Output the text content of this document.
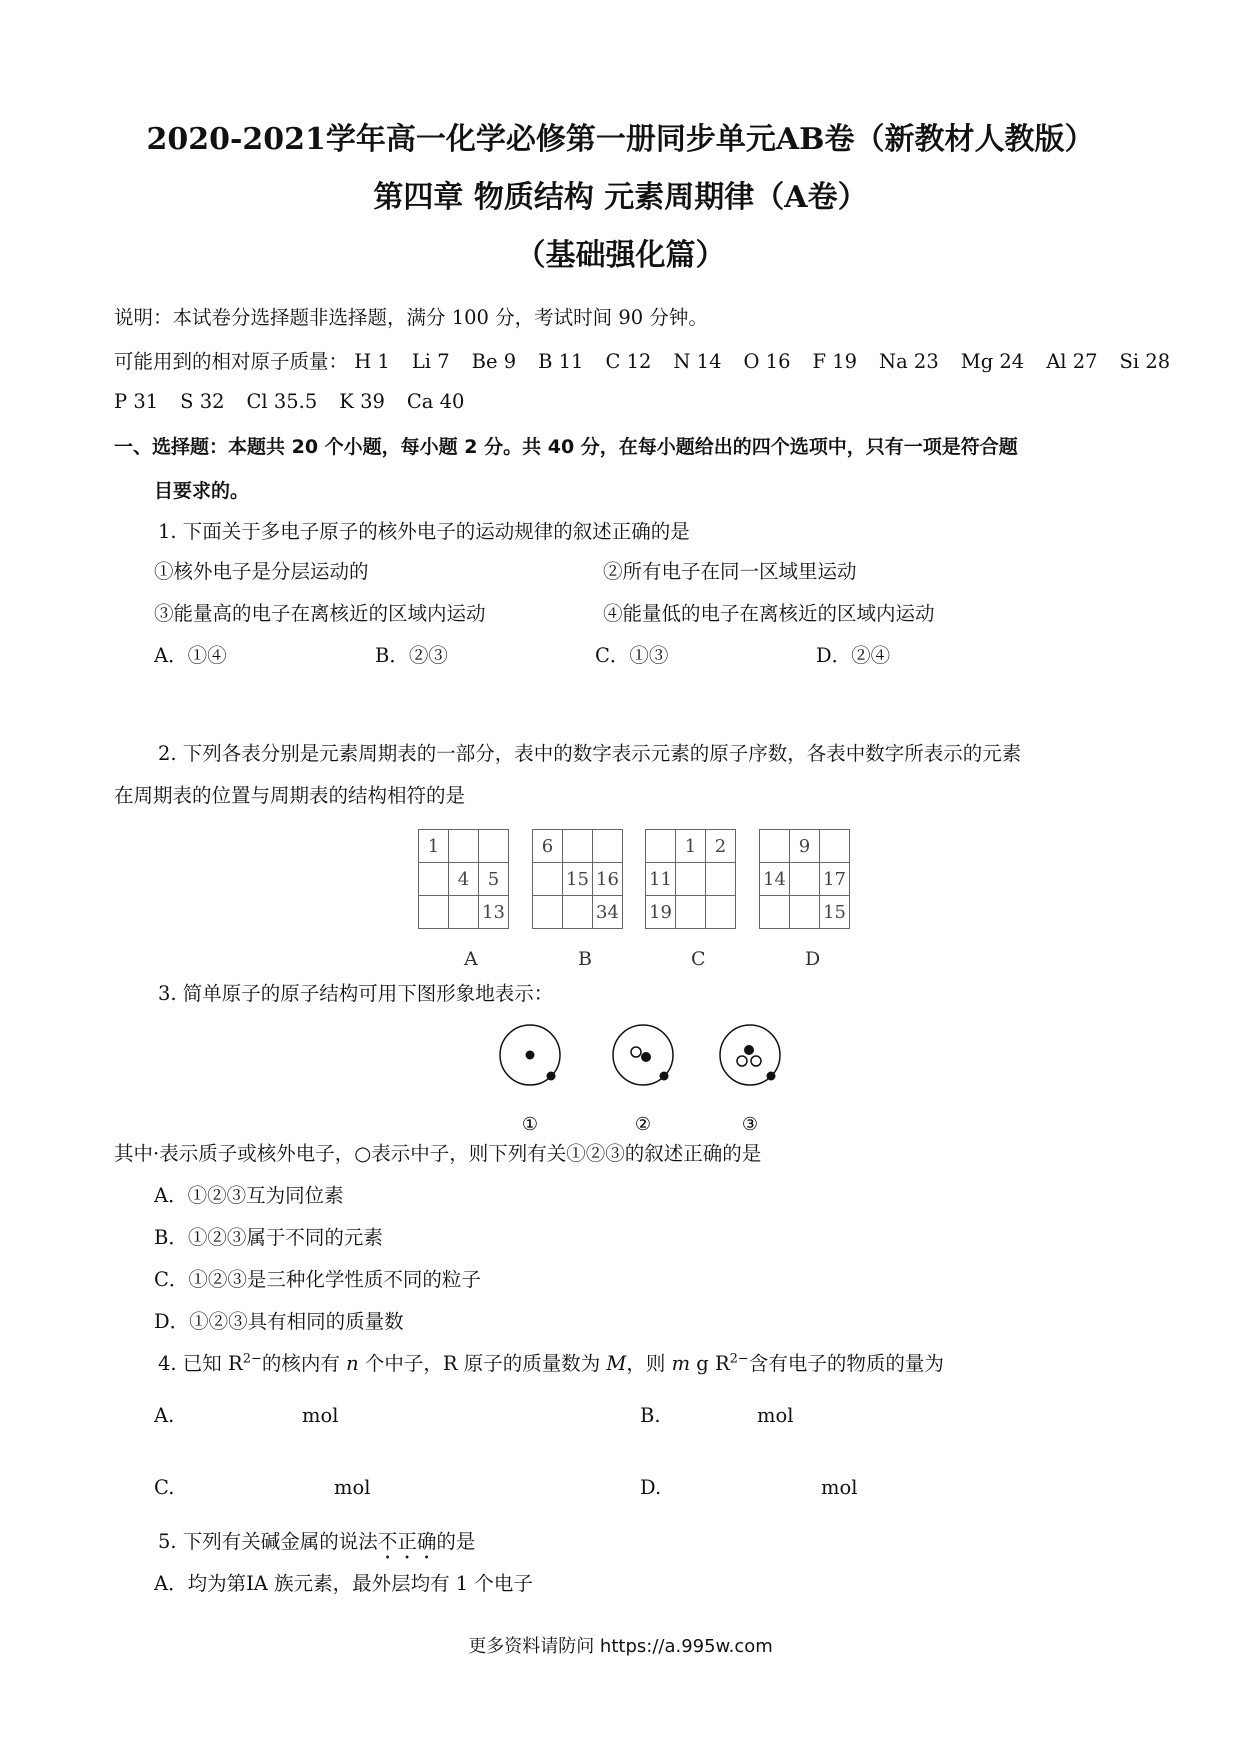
2020-2021学年高一化学必修第一册同步单元AB卷（新教材人教版）
第四章 物质结构 元素周期律（A卷）
（基础强化篇）
说明：本试卷分选择题非选择题，满分 100 分，考试时间 90 分钟。
可能用到的相对原子质量： H 1 Li 7 Be 9 B 11 C 12 N 14 O 16 F 19 Na 23 Mg 24 Al 27 Si 28
P 31 S 32 Cl 35.5 K 39 Ca 40
一、选择题：本题共 20 个小题，每小题 2 分。共 40 分，在每小题给出的四个选项中，只有一项是符合题
目要求的。
1. 下面关于多电子原子的核外电子的运动规律的叙述正确的是
①核外电子是分层运动的	②所有电子在同一区域里运动
③能量高的电子在离核近的区域内运动	④能量低的电子在离核近的区域内运动
A．①④	B．②③	C．①③	D．②④
2. 下列各表分别是元素周期表的一部分，表中的数字表示元素的原子序数，各表中数字所表示的元素
在周期表的位置与周期表的结构相符的是
1		
	4	5
		13
A
6		
	15	16
		34
B
	1	2
11		
19		
C
	9	
14		17
		15
D
3. 简单原子的原子结构可用下图形象地表示：
①	②	③
其中·表示质子或核外电子，○表示中子，则下列有关①②③的叙述正确的是
A．①②③互为同位素
B．①②③属于不同的元素
C．①②③是三种化学性质不同的粒子
D．①②③具有相同的质量数
4. 已知 $R^{2-}$的核内有 n 个中子，R 原子的质量数为 M，则 m g $R^{2-}$含有电子的物质的量为
A.	mol	B.	mol
C.	mol	D.	mol
5. 下列有关碱金属的说法不正确的是
A．均为第IA 族元素，最外层均有 1 个电子
更多资料请防问 https://a.995w.com
